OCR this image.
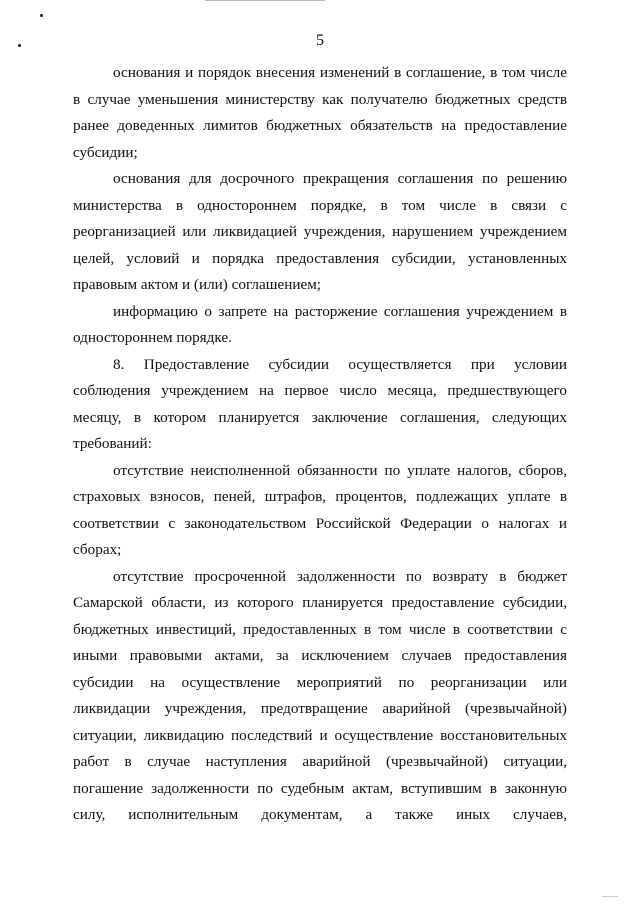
5
основания и порядок внесения изменений в соглашение, в том числе
в случае уменьшения министерству как получателю бюджетных средств
ранее доведенных лимитов бюджетных обязательств на предоставление
субсидии;
основания для досрочного прекращения соглашения по решению
министерства в одностороннем порядке, в том числе в связи с
реорганизацией или ликвидацией учреждения, нарушением учреждением
целей, условий и порядка предоставления субсидии, установленных
правовым актом и (или) соглашением;
информацию о запрете на расторжение соглашения учреждением в
одностороннем порядке.
8. Предоставление субсидии осуществляется при условии
соблюдения учреждением на первое число месяца, предшествующего
месяцу, в котором планируется заключение соглашения, следующих
требований:
отсутствие неисполненной обязанности по уплате налогов, сборов,
страховых взносов, пеней, штрафов, процентов, подлежащих уплате в
соответствии с законодательством Российской Федерации о налогах и
сборах;
отсутствие просроченной задолженности по возврату в бюджет
Самарской области, из которого планируется предоставление субсидии,
бюджетных инвестиций, предоставленных в том числе в соответствии с
иными правовыми актами, за исключением случаев предоставления
субсидии на осуществление мероприятий по реорганизации или
ликвидации учреждения, предотвращение аварийной (чрезвычайной)
ситуации, ликвидацию последствий и осуществление восстановительных
работ в случае наступления аварийной (чрезвычайной) ситуации,
погашение задолженности по судебным актам, вступившим в законную
силу, исполнительным документам, а также иных случаев,
